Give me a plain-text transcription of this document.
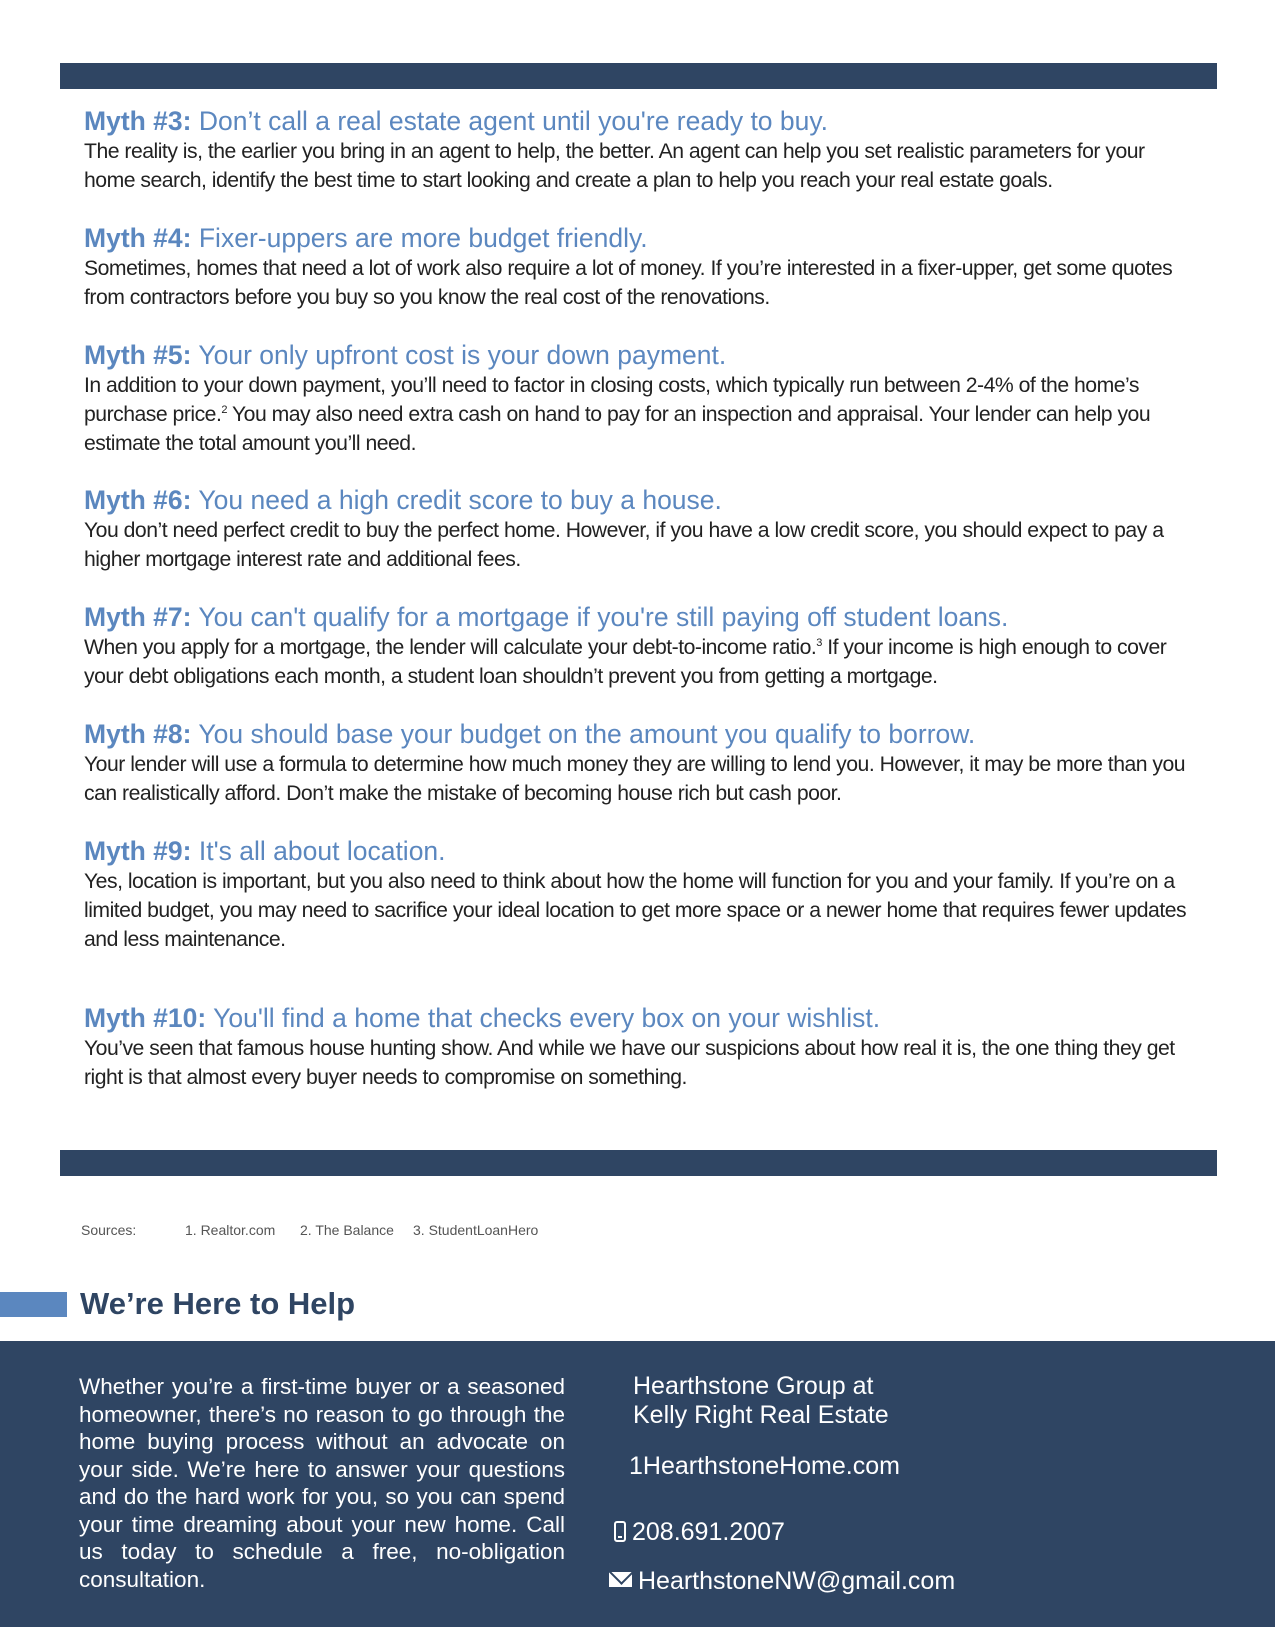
Myth #3: Don’t call a real estate agent until you're ready to buy.

The reality is, the earlier you bring in an agent to help, the better. An agent can help you set realistic parameters for your home search, identify the best time to start looking and create a plan to help you reach your real estate goals.

Myth #4: Fixer-uppers are more budget friendly.

Sometimes, homes that need a lot of work also require a lot of money. If you’re interested in a fixer-upper, get some quotes from contractors before you buy so you know the real cost of the renovations.

Myth #5: Your only upfront cost is your down payment.

In addition to your down payment, you’ll need to factor in closing costs, which typically run between 2-4% of the home’s purchase price.$^2$ You may also need extra cash on hand to pay for an inspection and appraisal. Your lender can help you estimate the total amount you’ll need.

Myth #6: You need a high credit score to buy a house.

You don’t need perfect credit to buy the perfect home. However, if you have a low credit score, you should expect to pay a higher mortgage interest rate and additional fees.

Myth #7: You can't qualify for a mortgage if you're still paying off student loans.

When you apply for a mortgage, the lender will calculate your debt-to-income ratio.$^3$ If your income is high enough to cover your debt obligations each month, a student loan shouldn’t prevent you from getting a mortgage.

Myth #8: You should base your budget on the amount you qualify to borrow.

Your lender will use a formula to determine how much money they are willing to lend you. However, it may be more than you can realistically afford. Don’t make the mistake of becoming house rich but cash poor.

Myth #9: It's all about location.

Yes, location is important, but you also need to think about how the home will function for you and your family. If you’re on a limited budget, you may need to sacrifice your ideal location to get more space or a newer home that requires fewer updates and less maintenance.

Myth #10: You'll find a home that checks every box on your wishlist.

You’ve seen that famous house hunting show. And while we have our suspicions about how real it is, the one thing they get right is that almost every buyer needs to compromise on something.

Sources:	1. Realtor.com 2. The Balance 3. StudentLoanHero
We’re Here to Help

Whether you’re a first-time buyer or a seasoned homeowner, there’s no reason to go through the home buying process without an advocate on your side. We’re here to answer your questions and do the hard work for you, so you can spend your time dreaming about your new home. Call us today to schedule a free, no-obligation consultation.

Hearthstone Group at
Kelly Right Real Estate
1HearthstoneHome.com
208.691.2007
HearthstoneNW@gmail.com
